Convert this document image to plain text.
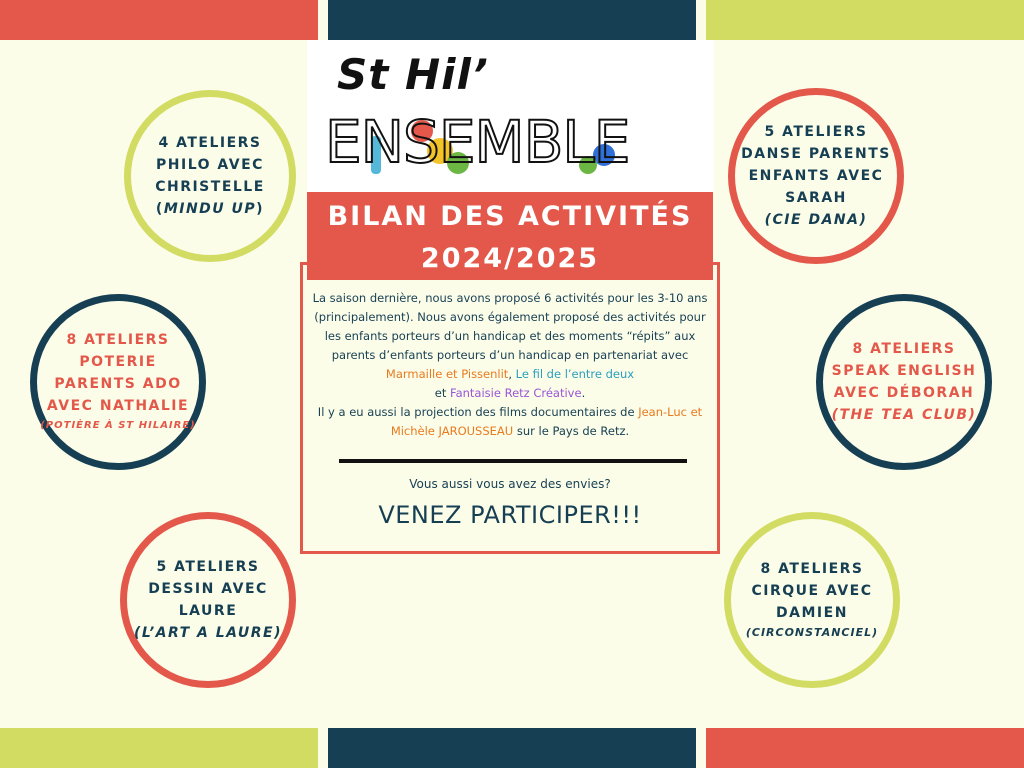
St Hil’
E N S E M B L E
La saison dernière, nous avons proposé 6 activités pour les 3-10 ans (principalement). Nous avons également proposé des activités pour les enfants porteurs d’un handicap et des moments “répits” aux parents d’enfants porteurs d’un handicap en partenariat avec Marmaille et Pissenlit, Le fil de l’entre deux
et Fantaisie Retz Créative.
Il y a eu aussi la projection des films documentaires de Jean-Luc et Michèle JAROUSSEAU sur le Pays de Retz.
Vous aussi vous avez des envies?
VENEZ PARTICIPER!!!
BILAN DES ACTIVITÉS
2024/2025
4 ATELIERS
PHILO AVEC
CHRISTELLE
(MINDU UP)
8 ATELIERS
POTERIE
PARENTS ADO
AVEC NATHALIE
(POTIÈRE À ST HILAIRE)
5 ATELIERS
DESSIN AVEC
LAURE
(L’ART A LAURE)
5 ATELIERS
DANSE PARENTS
ENFANTS AVEC
SARAH
(CIE DANA)
8 ATELIERS
SPEAK ENGLISH
AVEC DÉBORAH
(THE TEA CLUB)
8 ATELIERS
CIRQUE AVEC
DAMIEN
(CIRCONSTANCIEL)
